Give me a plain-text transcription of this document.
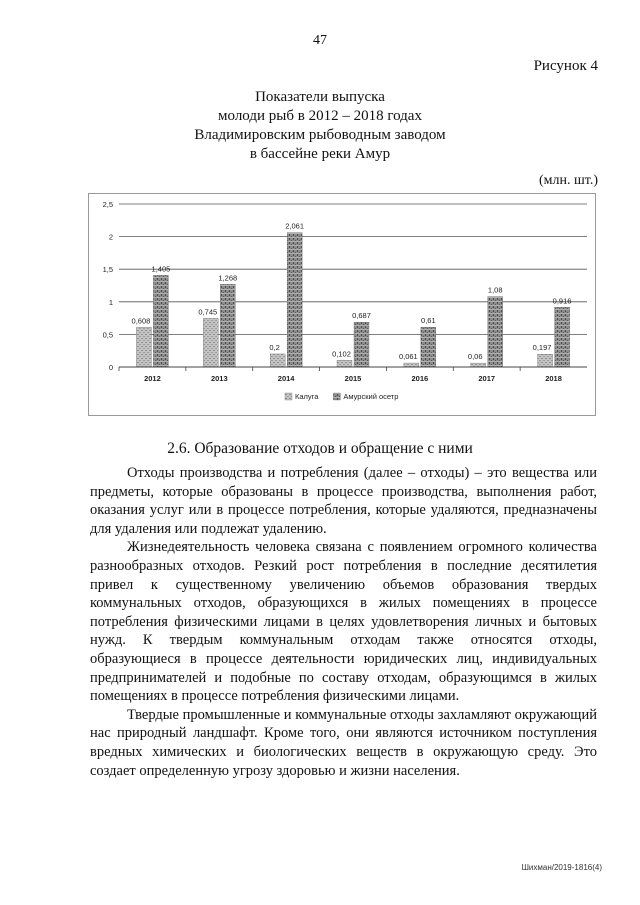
47
Рисунок 4
Показатели выпуска
молоди рыб в 2012 – 2018 годах
Владимировским рыбоводным заводом
в бассейне реки Амур
(млн. шт.)
0,608
1,405
0,745
1,268
0,2
2,061
0,102
0,687
0,061
0,61
0,06
1,08
0,197
0,916
0
0,5
1
1,5
2
2,5
2012	2013	2014	2015	2016	2017	2018
Калуга	Амурский осетр
2.6. Образование отходов и обращение с ними

Отходы производства и потребления (далее – отходы) – это вещества или предметы, которые образованы в процессе производства, выполнения работ, оказания услуг или в процессе потребления, которые удаляются, предназначены для удаления или подлежат удалению.

Жизнедеятельность человека связана с появлением огромного количества разнообразных отходов. Резкий рост потребления в последние десятилетия привел к существенному увеличению объемов образования твердых коммунальных отходов, образующихся в жилых помещениях в процессе потребления физическими лицами в целях удовлетворения личных и бытовых нужд. К твердым коммунальным отходам также относятся отходы, образующиеся в процессе деятельности юридических лиц, индивидуальных предпринимателей и подобные по составу отходам, образующимся в жилых помещениях в процессе потребления физическими лицами.

Твердые промышленные и коммунальные отходы захламляют окружающий нас природный ландшафт. Кроме того, они являются источником поступления вредных химических и биологических веществ в окружающую среду. Это создает определенную угрозу здоровью и жизни населения.

Шихман/2019-1816(4)
